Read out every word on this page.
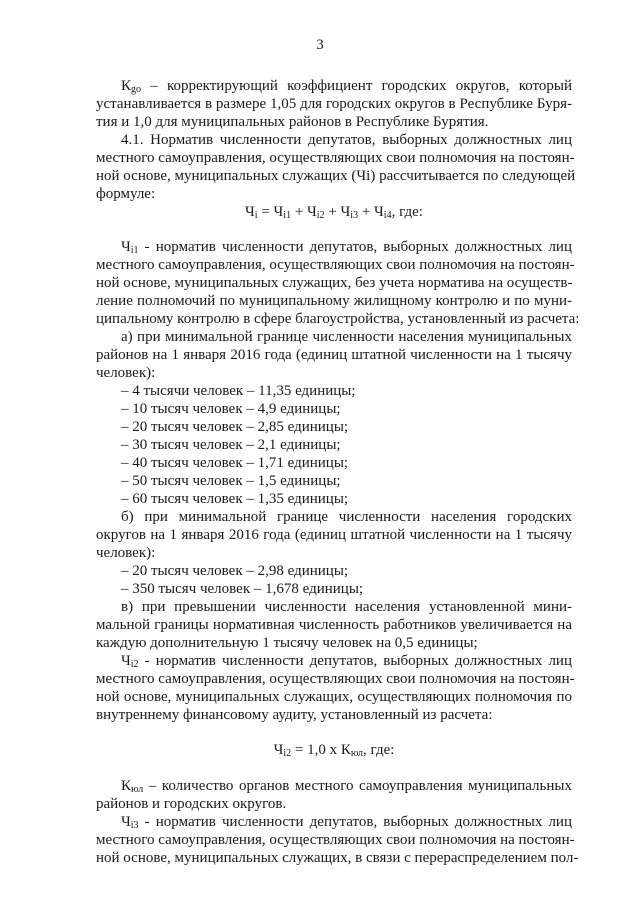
3
$К_{go}$ – корректирующий коэффициент городских округов, который
устанавливается в размере 1,05 для городских округов в Республике Буря-
тия и 1,0 для муниципальных районов в Республике Бурятия.
4.1. Норматив численности депутатов, выборных должностных лиц
местного самоуправления, осуществляющих свои полномочия на постоян-
ной основе, муниципальных служащих (Чi) рассчитывается по следующей
формуле:
$Ч_i = Ч_{i1} + Ч_{i2} + Ч_{i3} + Ч_{i4}$, где:
$Ч_{i1}$ - норматив численности депутатов, выборных должностных лиц
местного самоуправления, осуществляющих свои полномочия на постоян-
ной основе, муниципальных служащих, без учета норматива на осуществ-
ление полномочий по муниципальному жилищному контролю и по муни-
ципальному контролю в сфере благоустройства, установленный из расчета:
а) при минимальной границе численности населения муниципальных
районов на 1 января 2016 года (единиц штатной численности на 1 тысячу
человек):
– 4 тысячи человек – 11,35 единицы;
– 10 тысяч человек – 4,9 единицы;
– 20 тысяч человек – 2,85 единицы;
– 30 тысяч человек – 2,1 единицы;
– 40 тысяч человек – 1,71 единицы;
– 50 тысяч человек – 1,5 единицы;
– 60 тысяч человек – 1,35 единицы;
б) при минимальной границе численности населения городских
округов на 1 января 2016 года (единиц штатной численности на 1 тысячу
человек):
– 20 тысяч человек – 2,98 единицы;
– 350 тысяч человек – 1,678 единицы;
в) при превышении численности населения установленной мини-
мальной границы нормативная численность работников увеличивается на
каждую дополнительную 1 тысячу человек на 0,5 единицы;
$Ч_{i2}$ - норматив численности депутатов, выборных должностных лиц
местного самоуправления, осуществляющих свои полномочия на постоян-
ной основе, муниципальных служащих, осуществляющих полномочия по
внутреннему финансовому аудиту, установленный из расчета:
$Ч_{i2} = 1,0$ х $К_{юл}$, где:
$К_{юл}$ – количество органов местного самоуправления муниципальных
районов и городских округов.
$Ч_{i3}$ - норматив численности депутатов, выборных должностных лиц
местного самоуправления, осуществляющих свои полномочия на постоян-
ной основе, муниципальных служащих, в связи с перераспределением пол-
